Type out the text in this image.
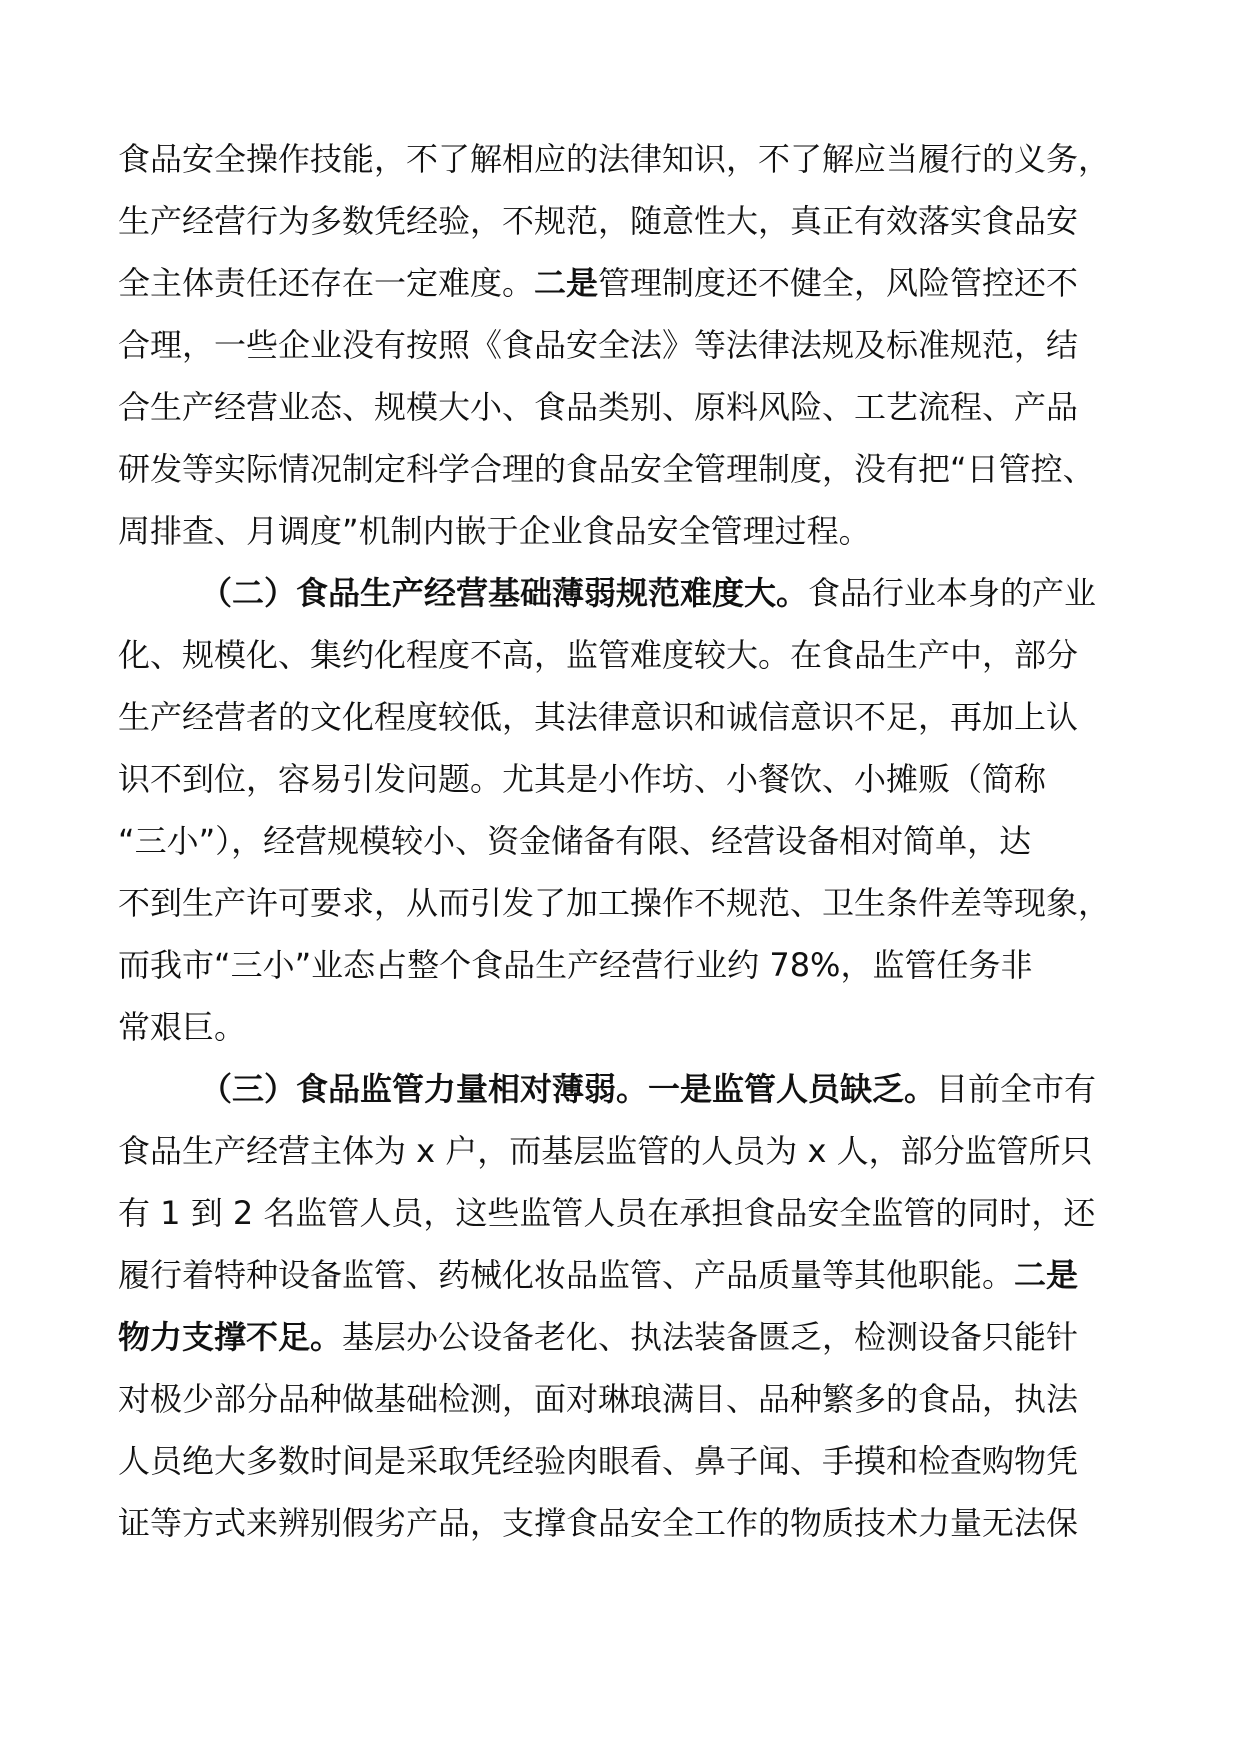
食品安全操作技能，不了解相应的法律知识，不了解应当履行的义务，
生产经营行为多数凭经验，不规范，随意性大，真正有效落实食品安
全主体责任还存在一定难度。二是管理制度还不健全，风险管控还不
合理，一些企业没有按照《食品安全法》等法律法规及标准规范，结
合生产经营业态、规模大小、食品类别、原料风险、工艺流程、产品
研发等实际情况制定科学合理的食品安全管理制度，没有把“日管控、
周排查、月调度”机制内嵌于企业食品安全管理过程。
（二）食品生产经营基础薄弱规范难度大。食品行业本身的产业
化、规模化、集约化程度不高，监管难度较大。在食品生产中，部分
生产经营者的文化程度较低，其法律意识和诚信意识不足，再加上认
识不到位，容易引发问题。尤其是小作坊、小餐饮、小摊贩（简称
“三小”），经营规模较小、资金储备有限、经营设备相对简单，达
不到生产许可要求，从而引发了加工操作不规范、卫生条件差等现象，
而我市“三小”业态占整个食品生产经营行业约 78%，监管任务非
常艰巨。
（三）食品监管力量相对薄弱。一是监管人员缺乏。目前全市有
食品生产经营主体为 x 户，而基层监管的人员为 x 人，部分监管所只
有 1 到 2 名监管人员，这些监管人员在承担食品安全监管的同时，还
履行着特种设备监管、药械化妆品监管、产品质量等其他职能。二是
物力支撑不足。基层办公设备老化、执法装备匮乏，检测设备只能针
对极少部分品种做基础检测，面对琳琅满目、品种繁多的食品，执法
人员绝大多数时间是采取凭经验肉眼看、鼻子闻、手摸和检查购物凭
证等方式来辨别假劣产品，支撑食品安全工作的物质技术力量无法保
